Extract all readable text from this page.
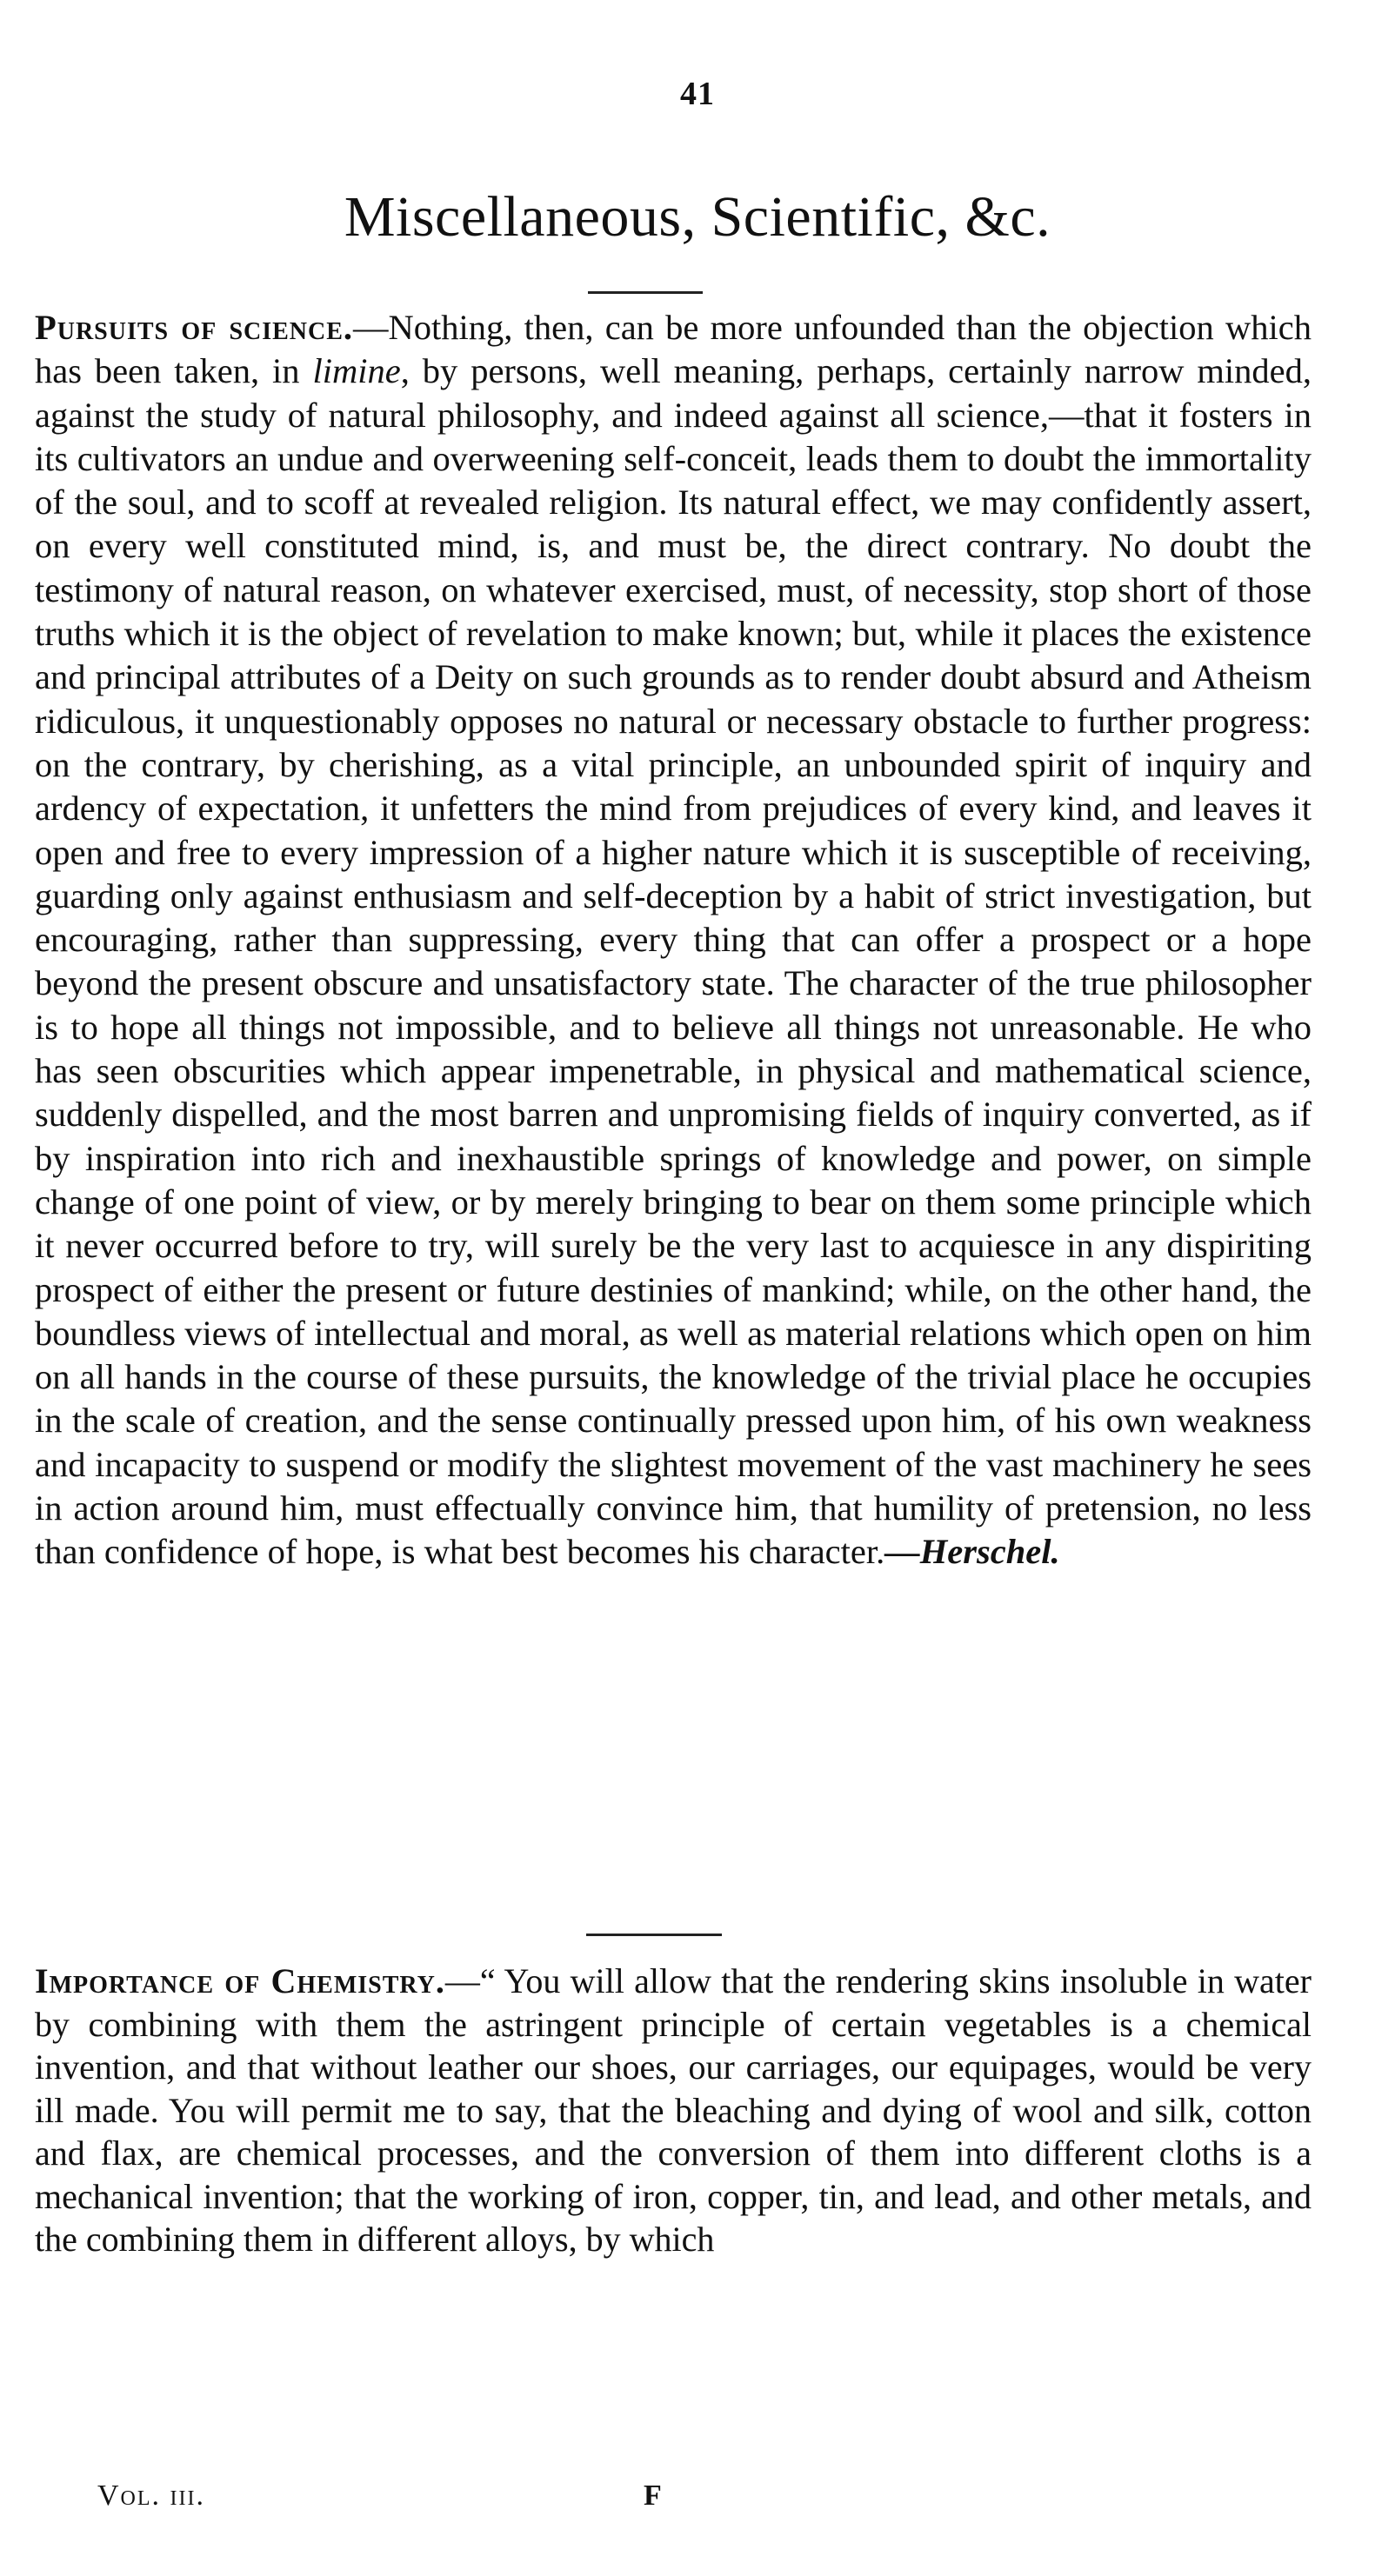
41
Miscellaneous, Scientific, &c.

Pursuits of science.—Nothing, then, can be more unfounded than the objection which has been taken, in limine, by persons, well meaning, perhaps, certainly narrow minded, against the study of natural philosophy, and indeed against all science,—that it fosters in its cultivators an undue and overweening self-conceit, leads them to doubt the immortality of the soul, and to scoff at revealed religion. Its natural effect, we may confidently assert, on every well constituted mind, is, and must be, the direct contrary. No doubt the testimony of natural reason, on whatever exercised, must, of necessity, stop short of those truths which it is the object of revelation to make known; but, while it places the existence and principal attributes of a Deity on such grounds as to render doubt absurd and Atheism ridiculous, it unquestionably opposes no natural or necessary obstacle to further progress: on the contrary, by cherishing, as a vital principle, an unbounded spirit of inquiry and ardency of expectation, it unfetters the mind from prejudices of every kind, and leaves it open and free to every impression of a higher nature which it is susceptible of receiving, guarding only against enthusiasm and self-deception by a habit of strict investigation, but encouraging, rather than suppressing, every thing that can offer a prospect or a hope beyond the present obscure and unsatisfactory state. The character of the true philosopher is to hope all things not impossible, and to believe all things not unreasonable. He who has seen obscurities which appear impenetrable, in physical and mathematical science, suddenly dispelled, and the most barren and unpromising fields of inquiry converted, as if by inspiration into rich and inexhaustible springs of knowledge and power, on simple change of one point of view, or by merely bringing to bear on them some principle which it never occurred before to try, will surely be the very last to acquiesce in any dispiriting prospect of either the present or future destinies of mankind; while, on the other hand, the boundless views of intellectual and moral, as well as material relations which open on him on all hands in the course of these pursuits, the knowledge of the trivial place he occupies in the scale of creation, and the sense continually pressed upon him, of his own weakness and incapacity to suspend or modify the slightest movement of the vast machinery he sees in action around him, must effectually convince him, that humility of pretension, no less than confidence of hope, is what best becomes his character.—Herschel.

Importance of Chemistry.—“ You will allow that the rendering skins insoluble in water by combining with them the astringent principle of certain vegetables is a chemical invention, and that without leather our shoes, our carriages, our equipages, would be very ill made. You will permit me to say, that the bleaching and dying of wool and silk, cotton and flax, are chemical processes, and the conversion of them into different cloths is a mechanical invention; that the working of iron, copper, tin, and lead, and other metals, and the combining them in different alloys, by which

Vol. iii.	F
